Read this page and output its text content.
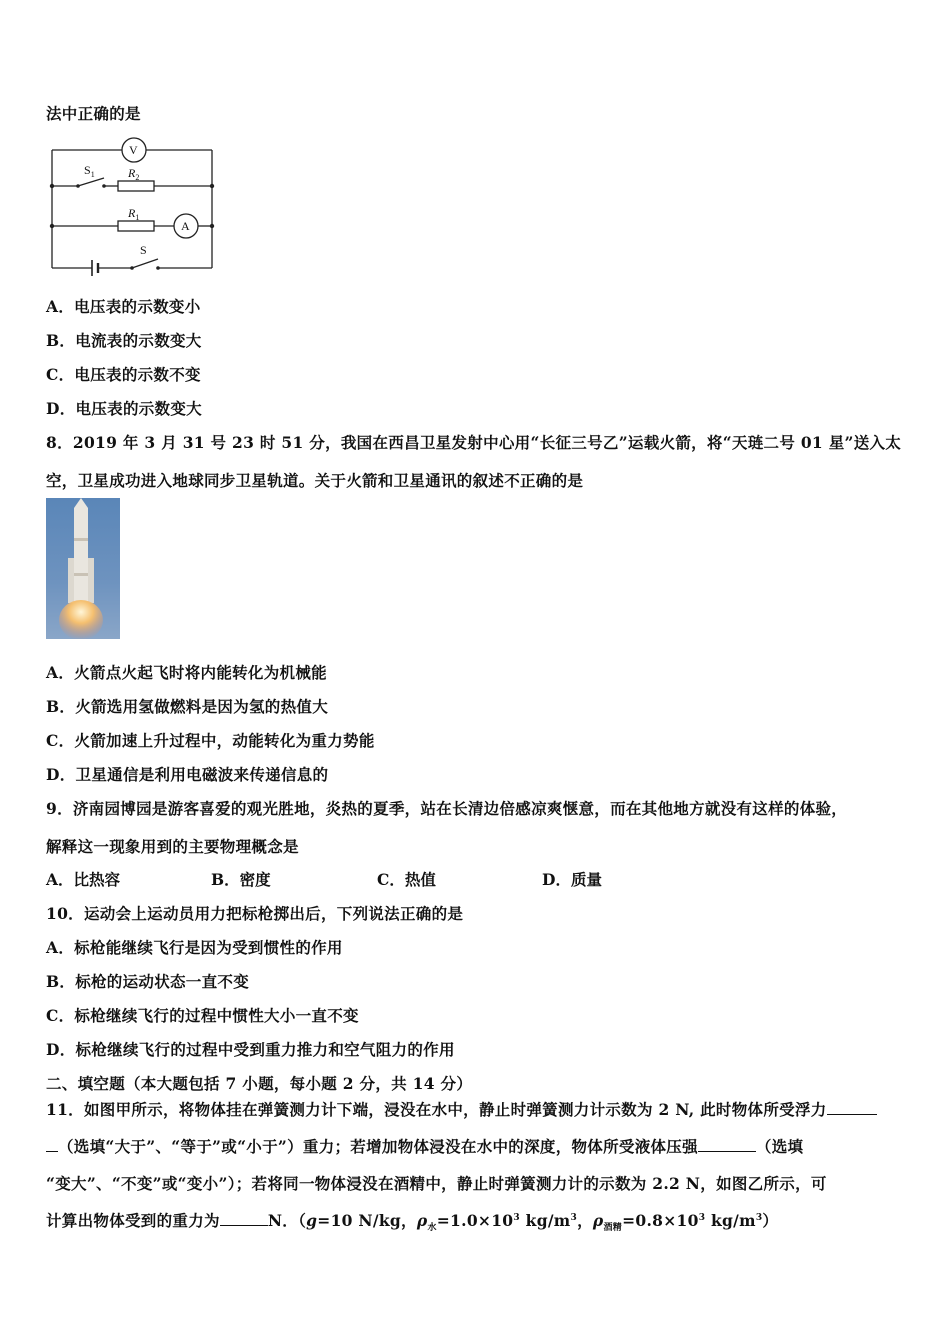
法中正确的是
V
A
$S_1$	$R_2$
$R_1$
S
A．电压表的示数变小
B．电流表的示数变大
C．电压表的示数不变
D．电压表的示数变大
8．2019 年 3 月 31 号 23 时 51 分，我国在西昌卫星发射中心用“长征三号乙”运载火箭，将“天琏二号 01 星”送入太
空，卫星成功进入地球同步卫星轨道。关于火箭和卫星通讯的叙述不正确的是
A．火箭点火起飞时将内能转化为机械能
B．火箭选用氢做燃料是因为氢的热值大
C．火箭加速上升过程中，动能转化为重力势能
D．卫星通信是利用电磁波来传递信息的
9．济南园博园是游客喜爱的观光胜地，炎热的夏季，站在长清边倍感凉爽惬意，而在其他地方就没有这样的体验，
解释这一现象用到的主要物理概念是
A．比热容	B．密度	C．热值	D．质量
10．运动会上运动员用力把标枪掷出后，下列说法正确的是
A．标枪能继续飞行是因为受到惯性的作用
B．标枪的运动状态一直不变
C．标枪继续飞行的过程中惯性大小一直不变
D．标枪继续飞行的过程中受到重力推力和空气阻力的作用
二、填空题（本大题包括 7 小题，每小题 2 分，共 14 分）
11．如图甲所示，将物体挂在弹簧测力计下端，浸没在水中，静止时弹簧测力计示数为 2 N, 此时物体所受浮力
（选填“大于”、“等于”或“小于”）重力；若增加物体浸没在水中的深度，物体所受液体压强	（选填
“变大”、“不变”或“变小”）；若将同一物体浸没在酒精中，静止时弹簧测力计的示数为 2.2 N，如图乙所示，可
计算出物体受到的重力为	N．（g=10 N/kg，$\rho_水=1.0\times 10^3$ $kg/m^3$，$\rho_{酒精}=0.8\times 10^3$ $kg/m^3$）
